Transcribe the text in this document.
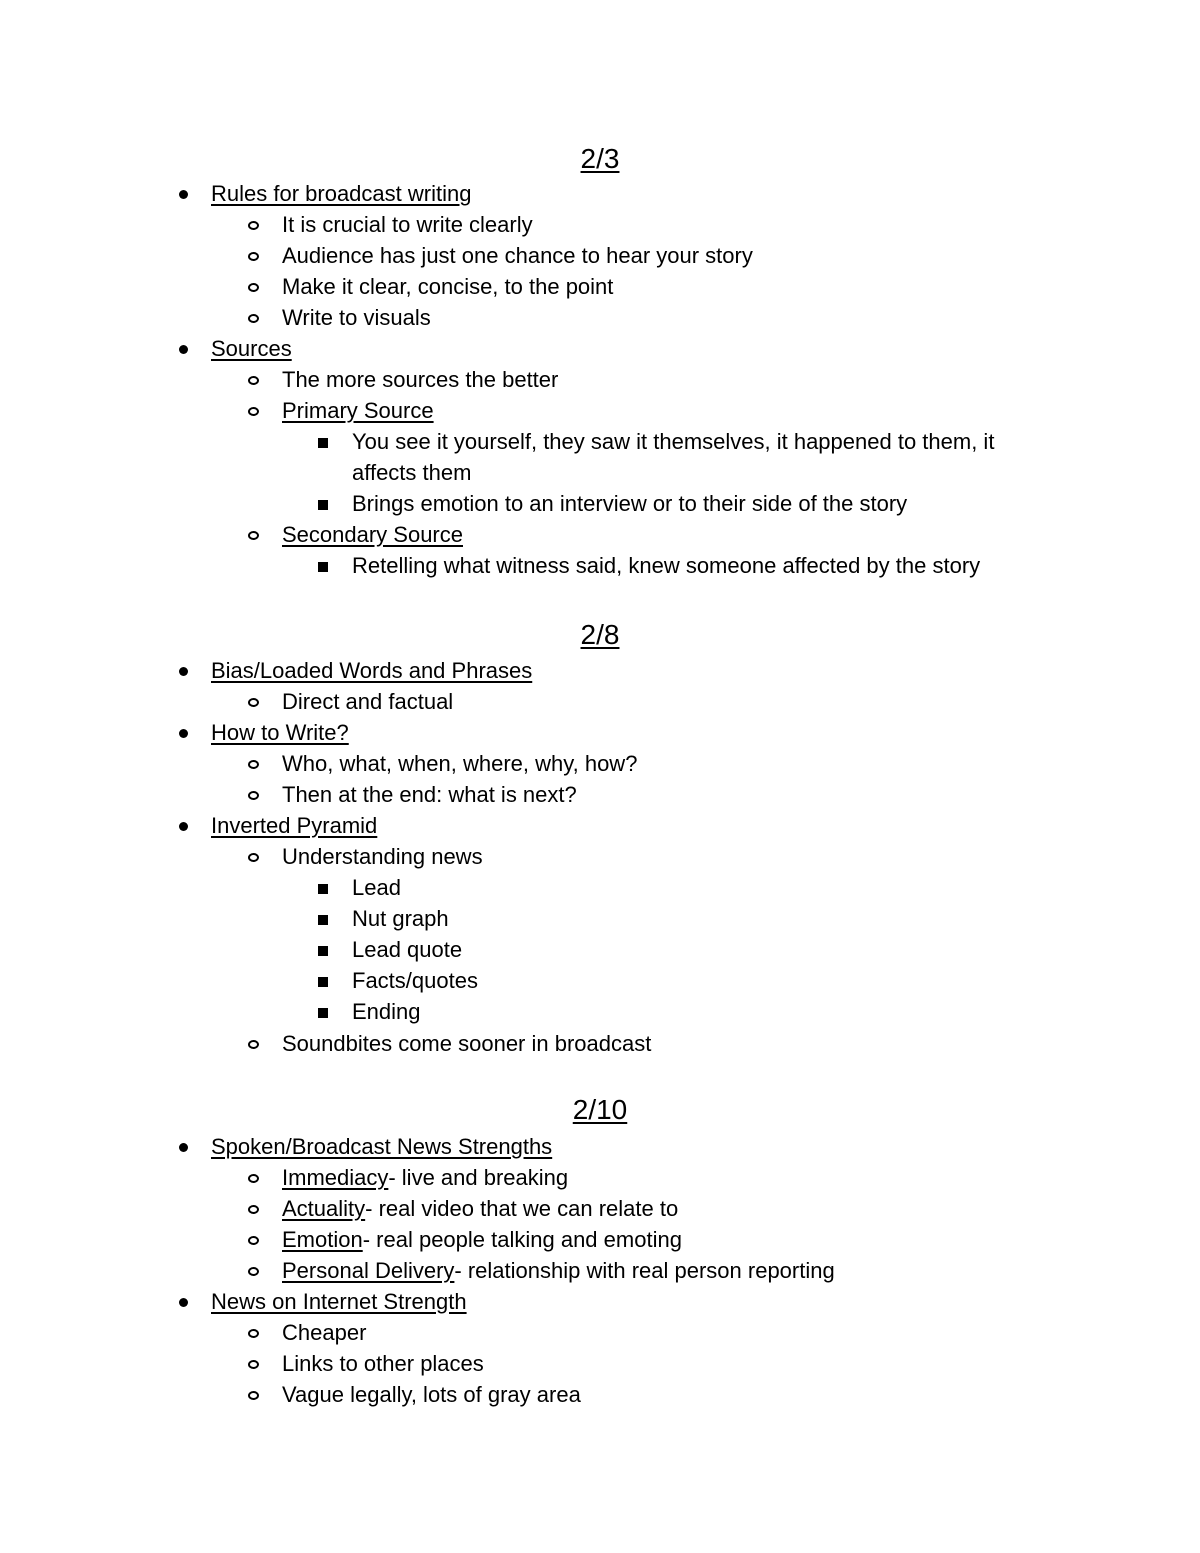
2/3
Rules for broadcast writing
It is crucial to write clearly
Audience has just one chance to hear your story
Make it clear, concise, to the point
Write to visuals
Sources
The more sources the better
Primary Source
You see it yourself, they saw it themselves, it happened to them, it
affects them
Brings emotion to an interview or to their side of the story
Secondary Source
Retelling what witness said, knew someone affected by the story
2/8
Bias/Loaded Words and Phrases
Direct and factual
How to Write?
Who, what, when, where, why, how?
Then at the end: what is next?
Inverted Pyramid
Understanding news
Lead
Nut graph
Lead quote
Facts/quotes
Ending
Soundbites come sooner in broadcast
2/10
Spoken/Broadcast News Strengths
Immediacy- live and breaking
Actuality- real video that we can relate to
Emotion- real people talking and emoting
Personal Delivery- relationship with real person reporting
News on Internet Strength
Cheaper
Links to other places
Vague legally, lots of gray area
